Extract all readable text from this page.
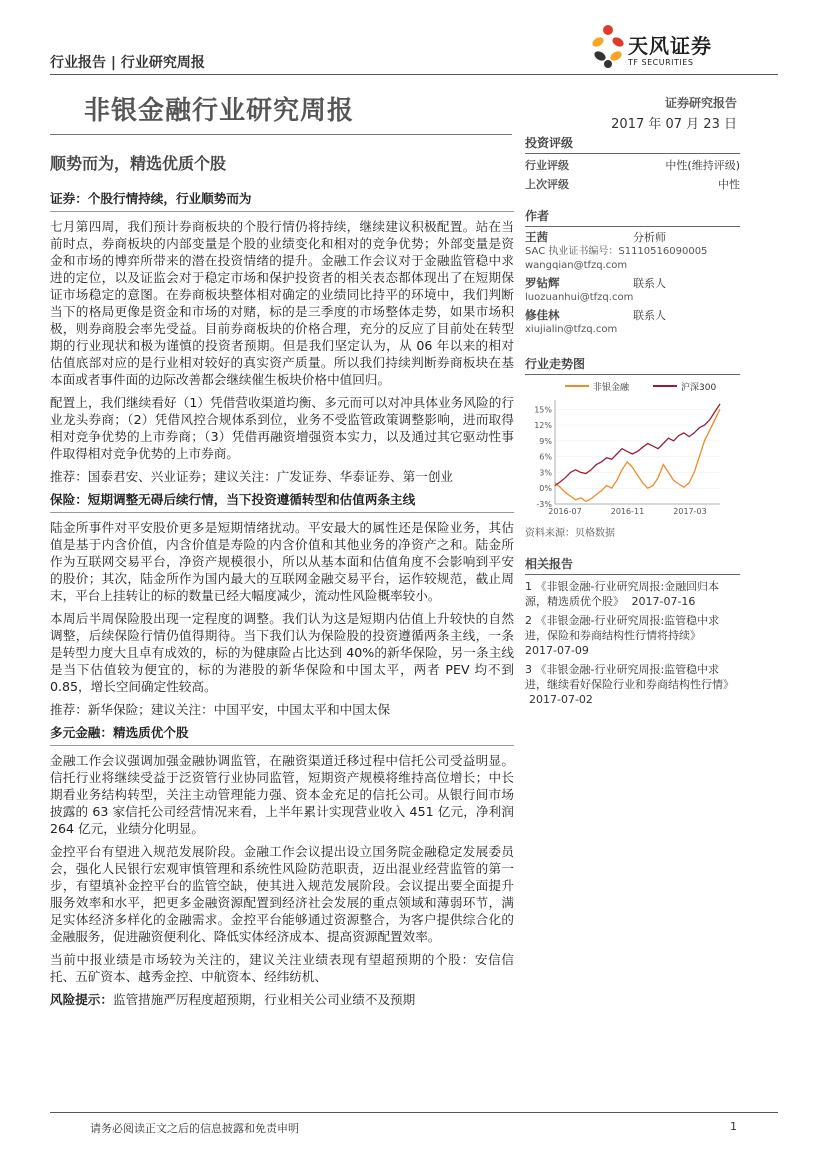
行业报告 | 行业研究周报
天风证券
TF SECURITIES
非银金融行业研究周报	证券研究报告
2017 年 07 月 23 日
顺势而为，精选优质个股
证券：个股行情持续，行业顺势而为
七月第四周，我们预计券商板块的个股行情仍将持续，继续建议积极配置。站在当前时点，券商板块的内部变量是个股的业绩变化和相对的竞争优势；外部变量是资金和市场的博弈所带来的潜在投资情绪的提升。金融工作会议对于金融监管稳中求进的定位，以及证监会对于稳定市场和保护投资者的相关表态都体现出了在短期保证市场稳定的意图。在券商板块整体相对确定的业绩同比持平的环境中，我们判断当下的格局更像是资金和市场的对赌，标的是三季度的市场整体走势，如果市场积极，则券商股会率先受益。目前券商板块的价格合理，充分的反应了目前处在转型期的行业现状和极为谨慎的投资者预期。但是我们坚定认为，从 06 年以来的相对估值底部对应的是行业相对较好的真实资产质量。所以我们持续判断券商板块在基本面或者事件面的边际改善都会继续催生板块价格中值回归。
配置上，我们继续看好（1）凭借营收渠道均衡、多元而可以对冲具体业务风险的行业龙头券商；（2）凭借风控合规体系到位，业务不受监管政策调整影响，进而取得相对竞争优势的上市券商；（3）凭借再融资增强资本实力，以及通过其它驱动性事件取得相对竞争优势的上市券商。
推荐：国泰君安、兴业证券；建议关注：广发证券、华泰证券、第一创业
保险：短期调整无碍后续行情，当下投资遵循转型和估值两条主线
陆金所事件对平安股价更多是短期情绪扰动。平安最大的属性还是保险业务，其估值是基于内含价值，内含价值是寿险的内含价值和其他业务的净资产之和。陆金所作为互联网交易平台，净资产规模很小，所以从基本面和估值角度不会影响到平安的股价；其次，陆金所作为国内最大的互联网金融交易平台，运作较规范，截止周末，平台上挂转让的标的数量已经大幅度减少，流动性风险概率较小。
本周后半周保险股出现一定程度的调整。我们认为这是短期内估值上升较快的自然调整，后续保险行情仍值得期待。当下我们认为保险股的投资遵循两条主线，一条是转型力度大且卓有成效的，标的为健康险占比达到 40%的新华保险，另一条主线是当下估值较为便宜的，标的为港股的新华保险和中国太平，两者 PEV 均不到 0.85，增长空间确定性较高。
推荐：新华保险；建议关注：中国平安，中国太平和中国太保
多元金融：精选质优个股
金融工作会议强调加强金融协调监管，在融资渠道迁移过程中信托公司受益明显。信托行业将继续受益于泛资管行业协同监管，短期资产规模将维持高位增长；中长期看业务结构转型，关注主动管理能力强、资本金充足的信托公司。从银行间市场披露的 63 家信托公司经营情况来看，上半年累计实现营业收入 451 亿元，净利润 264 亿元，业绩分化明显。
金控平台有望进入规范发展阶段。金融工作会议提出设立国务院金融稳定发展委员会，强化人民银行宏观审慎管理和系统性风险防范职责，迈出混业经营监管的第一步，有望填补金控平台的监管空缺，使其进入规范发展阶段。会议提出要全面提升服务效率和水平，把更多金融资源配置到经济社会发展的重点领域和薄弱环节，满足实体经济多样化的金融需求。金控平台能够通过资源整合，为客户提供综合化的金融服务，促进融资便利化、降低实体经济成本、提高资源配置效率。
当前中报业绩是市场较为关注的，建议关注业绩表现有望超预期的个股：安信信托、五矿资本、越秀金控、中航资本、经纬纺机、
风险提示：监管措施严厉程度超预期，行业相关公司业绩不及预期
投资评级
行业评级	中性(维持评级)
上次评级	中性
作者
王茜	分析师
SAC 执业证书编号：S1110516090005
wangqian@tfzq.com
罗钻辉	联系人
luozuanhui@tfzq.com
修佳林	联系人
xiujialin@tfzq.com
行业走势图
非银金融	沪深300
15%
12%
9%
6%
3%
0%
-3%
2016-07	2016-11	2017-03
资料来源：贝格数据
相关报告
1 《非银金融-行业研究周报:金融回归本源，精选质优个股》 2017-07-16
2 《非银金融-行业研究周报:监管稳中求进，保险和券商结构性行情将持续》
2017-07-09
3 《非银金融-行业研究周报:监管稳中求进，继续看好保险行业和券商结构性行情》 2017-07-02
请务必阅读正文之后的信息披露和免责申明	1
